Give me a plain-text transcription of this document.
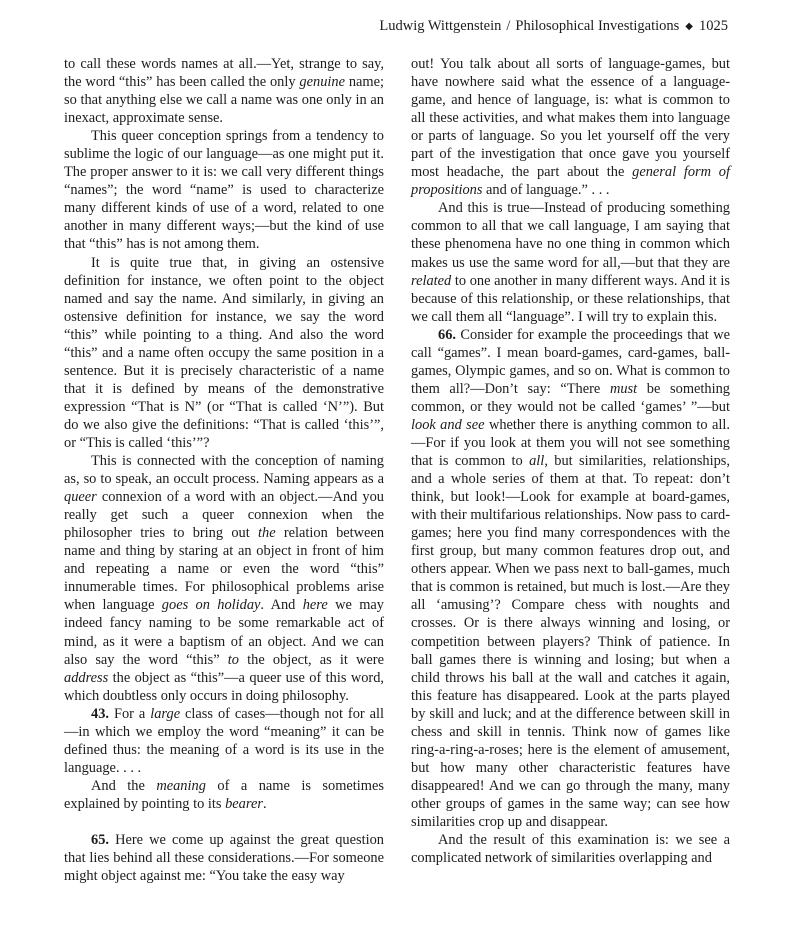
Ludwig Wittgenstein / Philosophical Investigations ◆ 1025

to call these words names at all.—Yet, strange to say, the word “this” has been called the only genuine name; so that anything else we call a name was one only in an inexact, approximate sense.

This queer conception springs from a tendency to sublime the logic of our language—as one might put it. The proper answer to it is: we call very different things “names”; the word “name” is used to characterize many different kinds of use of a word, related to one another in many different ways;—but the kind of use that “this” has is not among them.

It is quite true that, in giving an ostensive definition for instance, we often point to the object named and say the name. And similarly, in giving an ostensive definition for instance, we say the word “this” while pointing to a thing. And also the word “this” and a name often occupy the same position in a sentence. But it is precisely characteristic of a name that it is defined by means of the demonstrative expression “That is N” (or “That is called ‘N’”). But do we also give the definitions: “That is called ‘this’”, or “This is called ‘this’”?

This is connected with the conception of naming as, so to speak, an occult process. Naming appears as a queer connexion of a word with an object.—And you really get such a queer connexion when the philosopher tries to bring out the relation between name and thing by staring at an object in front of him and repeating a name or even the word “this” innumerable times. For philosophical problems arise when language goes on holiday. And here we may indeed fancy naming to be some remarkable act of mind, as it were a baptism of an object. And we can also say the word “this” to the object, as it were address the object as “this”—a queer use of this word, which doubtless only occurs in doing philosophy.

43. For a large class of cases—though not for all—in which we employ the word “meaning” it can be defined thus: the meaning of a word is its use in the language. . . .

And the meaning of a name is sometimes explained by pointing to its bearer.

65. Here we come up against the great question that lies behind all these considerations.—For someone might object against me: “You take the easy way

out! You talk about all sorts of language-games, but have nowhere said what the essence of a language-game, and hence of language, is: what is common to all these activities, and what makes them into language or parts of language. So you let yourself off the very part of the investigation that once gave you yourself most headache, the part about the general form of propositions and of language.” . . .

And this is true—Instead of producing something common to all that we call language, I am saying that these phenomena have no one thing in common which makes us use the same word for all,—but that they are related to one another in many different ways. And it is because of this relationship, or these relationships, that we call them all “language”. I will try to explain this.

66. Consider for example the proceedings that we call “games”. I mean board-games, card-games, ball-games, Olympic games, and so on. What is common to them all?—Don’t say: “There must be something common, or they would not be called ‘games’ ”—but look and see whether there is anything common to all.—For if you look at them you will not see something that is common to all, but similarities, relationships, and a whole series of them at that. To repeat: don’t think, but look!—Look for example at board-games, with their multifarious relationships. Now pass to card-games; here you find many correspondences with the first group, but many common features drop out, and others appear. When we pass next to ball-games, much that is common is retained, but much is lost.—Are they all ‘amusing’? Compare chess with noughts and crosses. Or is there always winning and losing, or competition between players? Think of patience. In ball games there is winning and losing; but when a child throws his ball at the wall and catches it again, this feature has disappeared. Look at the parts played by skill and luck; and at the difference between skill in chess and skill in tennis. Think now of games like ring-a-ring-a-roses; here is the element of amusement, but how many other characteristic features have disappeared! And we can go through the many, many other groups of games in the same way; can see how similarities crop up and disappear.

And the result of this examination is: we see a complicated network of similarities overlapping and
